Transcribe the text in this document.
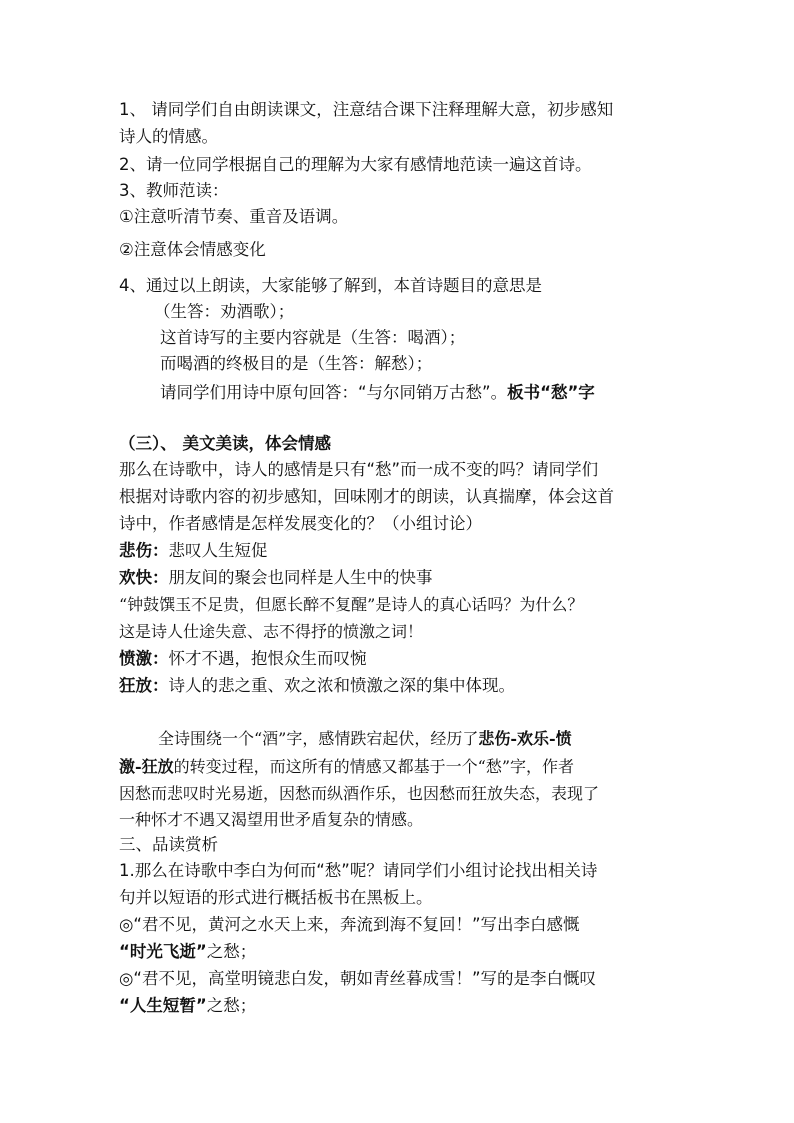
1、 请同学们自由朗读课文，注意结合课下注释理解大意，初步感知
诗人的情感。
2、请一位同学根据自己的理解为大家有感情地范读一遍这首诗。
3、教师范读：
①注意听清节奏、重音及语调。
②注意体会情感变化
4、通过以上朗读，大家能够了解到，本首诗题目的意思是
（生答：劝酒歌）；
这首诗写的主要内容就是（生答：喝酒）；
而喝酒的终极目的是（生答：解愁）；
请同学们用诗中原句回答：“与尔同销万古愁”。板书“愁”字
（三）、 美文美读，体会情感
那么在诗歌中，诗人的感情是只有“愁”而一成不变的吗？请同学们
根据对诗歌内容的初步感知，回味刚才的朗读，认真揣摩，体会这首
诗中，作者感情是怎样发展变化的？（小组讨论）
悲伤：悲叹人生短促
欢快：朋友间的聚会也同样是人生中的快事
“钟鼓馔玉不足贵，但愿长醉不复醒”是诗人的真心话吗？为什么？
这是诗人仕途失意、志不得抒的愤激之词！
愤激：怀才不遇，抱恨众生而叹惋
狂放：诗人的悲之重、欢之浓和愤激之深的集中体现。
全诗围绕一个“酒”字，感情跌宕起伏，经历了悲伤-欢乐-愤
激-狂放的转变过程，而这所有的情感又都基于一个“愁”字，作者
因愁而悲叹时光易逝，因愁而纵酒作乐，也因愁而狂放失态，表现了
一种怀才不遇又渴望用世矛盾复杂的情感。
三、品读赏析
1.那么在诗歌中李白为何而“愁”呢？请同学们小组讨论找出相关诗
句并以短语的形式进行概括板书在黑板上。
◎“君不见，黄河之水天上来，奔流到海不复回！”写出李白感慨
“时光飞逝”之愁；
◎“君不见，高堂明镜悲白发，朝如青丝暮成雪！”写的是李白慨叹
“人生短暂”之愁；
